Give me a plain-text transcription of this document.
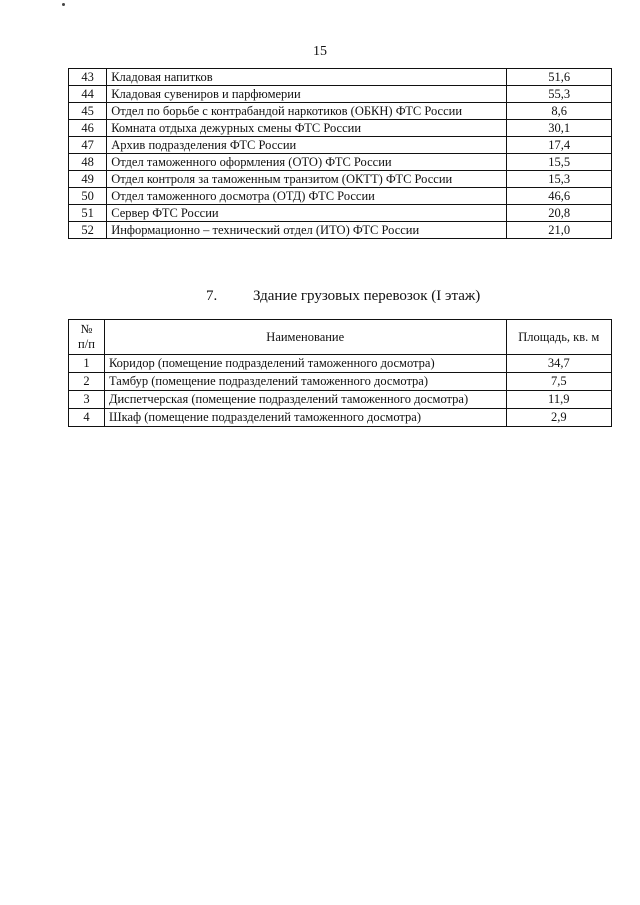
15
43	Кладовая напитков	51,6
44	Кладовая сувениров и парфюмерии	55,3
45	Отдел по борьбе с контрабандой наркотиков (ОБКН) ФТС России	8,6
46	Комната отдыха дежурных смены ФТС России	30,1
47	Архив подразделения ФТС России	17,4
48	Отдел таможенного оформления (ОТО) ФТС России	15,5
49	Отдел контроля за таможенным транзитом (ОКТТ) ФТС России	15,3
50	Отдел таможенного досмотра (ОТД) ФТС России	46,6
51	Сервер ФТС России	20,8
52	Информационно – технический отдел (ИТО) ФТС России	21,0
7. Здание грузовых перевозок (I этаж)
№
п/п	Наименование	Площадь, кв. м
1	Коридор (помещение подразделений таможенного досмотра)	34,7
2	Тамбур (помещение подразделений таможенного досмотра)	7,5
3	Диспетчерская (помещение подразделений таможенного досмотра)	11,9
4	Шкаф (помещение подразделений таможенного досмотра)	2,9
